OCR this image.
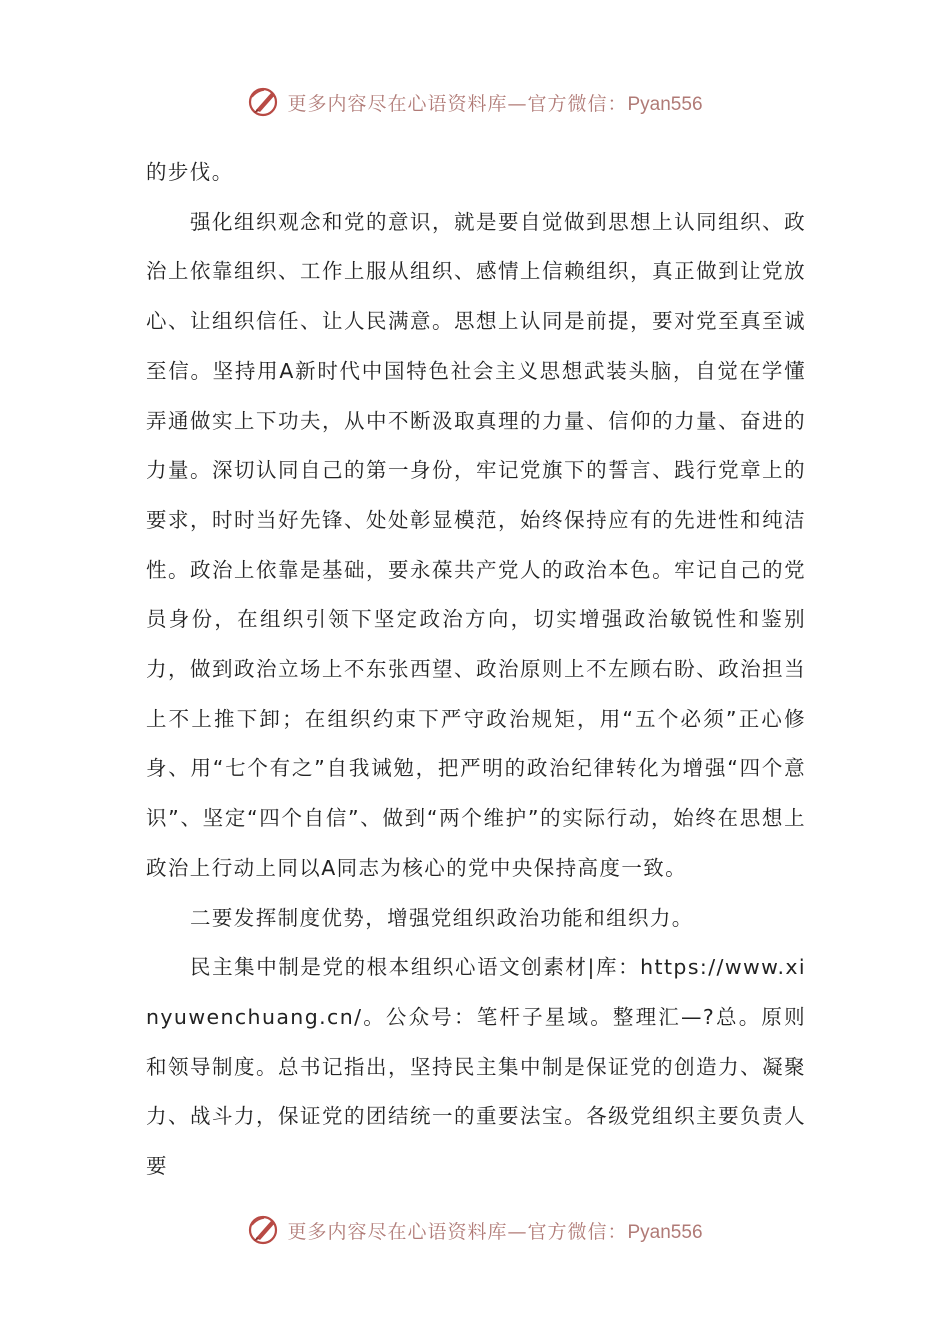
更多内容尽在心语资料库—官方微信：Pyan556

的步伐。

强化组织观念和党的意识，就是要自觉做到思想上认同组织、政治上依靠组织、工作上服从组织、感情上信赖组织，真正做到让党放心、让组织信任、让人民满意。思想上认同是前提，要对党至真至诚至信。坚持用A新时代中国特色社会主义思想武装头脑，自觉在学懂弄通做实上下功夫，从中不断汲取真理的力量、信仰的力量、奋进的力量。深切认同自己的第一身份，牢记党旗下的誓言、践行党章上的要求，时时当好先锋、处处彰显模范，始终保持应有的先进性和纯洁性。政治上依靠是基础，要永葆共产党人的政治本色。牢记自己的党员身份，在组织引领下坚定政治方向，切实增强政治敏锐性和鉴别力，做到政治立场上不东张西望、政治原则上不左顾右盼、政治担当上不上推下卸；在组织约束下严守政治规矩，用“五个必须”正心修身、用“七个有之”自我诫勉，把严明的政治纪律转化为增强“四个意识”、坚定“四个自信”、做到“两个维护”的实际行动，始终在思想上政治上行动上同以A同志为核心的党中央保持高度一致。

二要发挥制度优势，增强党组织政治功能和组织力。

民主集中制是党的根本组织心语文创素材|库：https://www.xinyuwenchuang.cn/。公众号：笔杆子星域。整理汇—?总。原则和领导制度。总书记指出，坚持民主集中制是保证党的创造力、凝聚力、战斗力，保证党的团结统一的重要法宝。各级党组织主要负责人要

更多内容尽在心语资料库—官方微信：Pyan556
